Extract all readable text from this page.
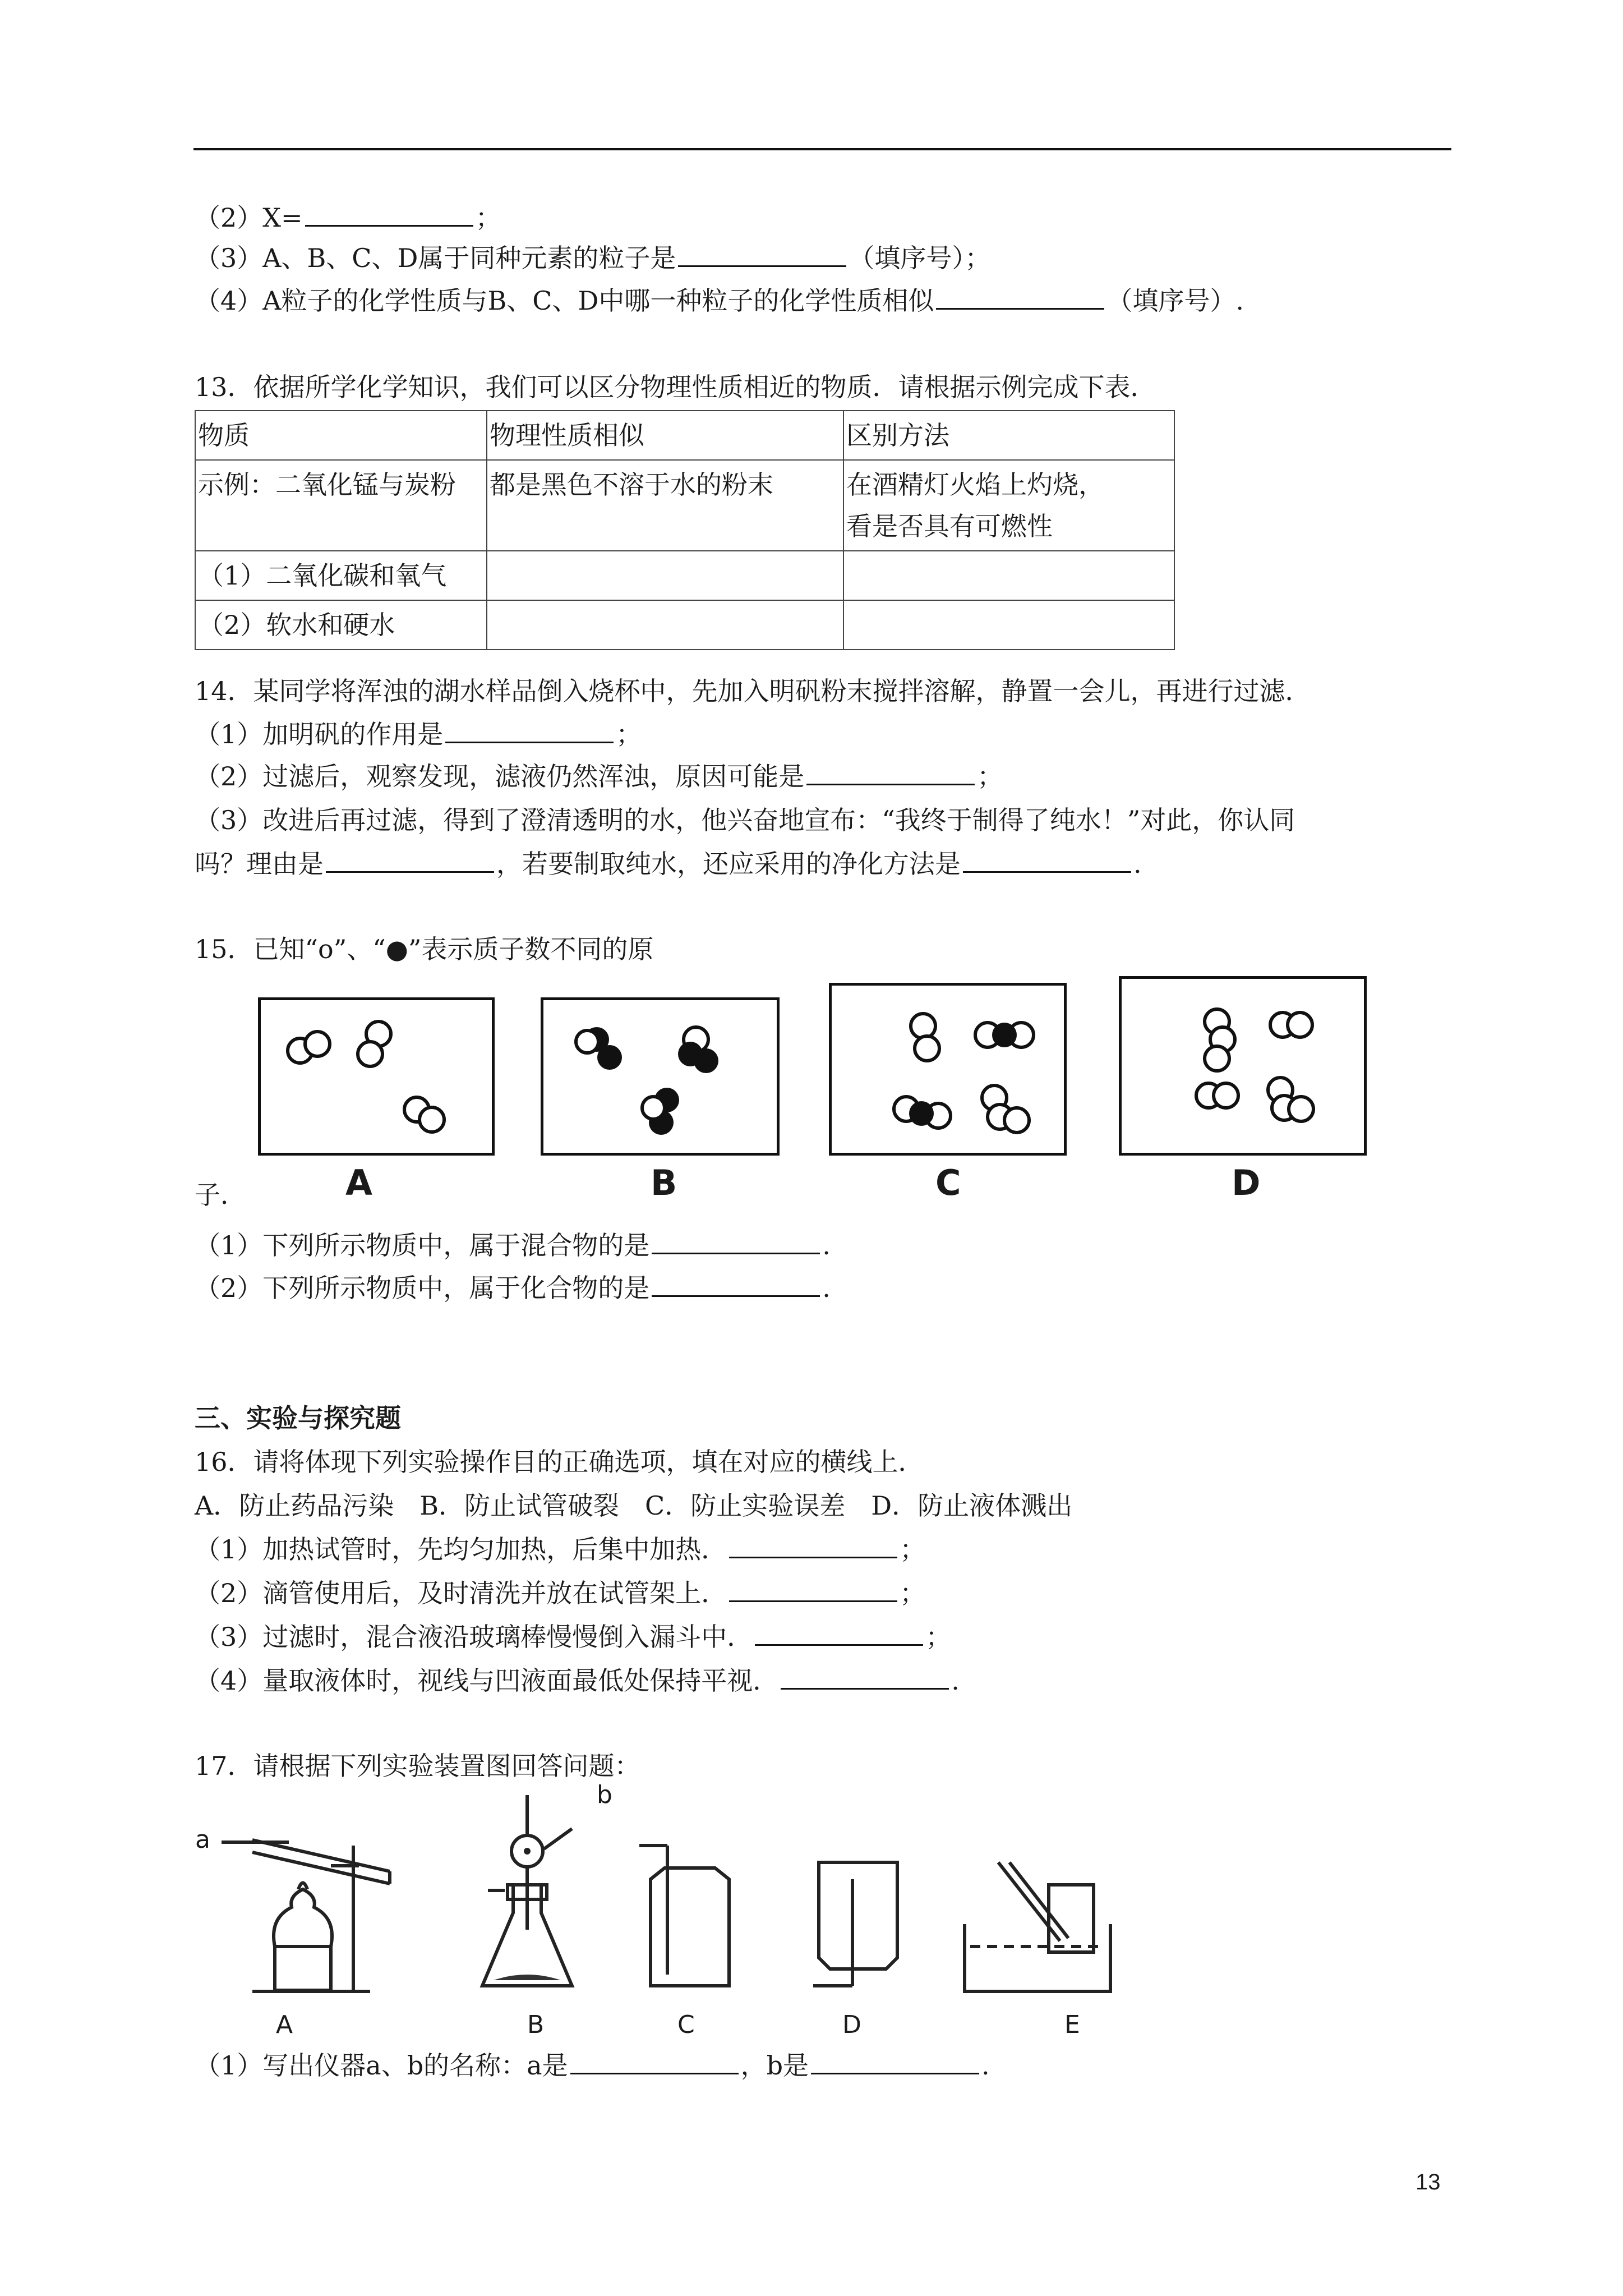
（2）X=	；
（3）A、B、C、D属于同种元素的粒子是	（填序号）；
（4）A粒子的化学性质与B、C、D中哪一种粒子的化学性质相似	（填序号）.
13．依据所学化学知识，我们可以区分物理性质相近的物质．请根据示例完成下表．
物质	物理性质相似	区别方法
示例：二氧化锰与炭粉	都是黑色不溶于水的粉末	在酒精灯火焰上灼烧，
看是否具有可燃性

（1）二氧化碳和氧气		
（2）软水和硬水		
14．某同学将浑浊的湖水样品倒入烧杯中，先加入明矾粉末搅拌溶解，静置一会儿，再进行过滤．
（1）加明矾的作用是	；
（2）过滤后，观察发现，滤液仍然浑浊，原因可能是	；
（3）改进后再过滤，得到了澄清透明的水，他兴奋地宣布：“我终于制得了纯水！”对此，你认同
吗？理由是	，若要制取纯水，还应采用的净化方法是	.
15．已知“o”、“●”表示质子数不同的原
子．	A	B	C	D
（1）下列所示物质中，属于混合物的是	.
（2）下列所示物质中，属于化合物的是	.
三、实验与探究题
16．请将体现下列实验操作目的正确选项，填在对应的横线上．
A．防止药品污染　B．防止试管破裂　C．防止实验误差　D．防止液体溅出
（1）加热试管时，先均匀加热，后集中加热．	；
（2）滴管使用后，及时清洗并放在试管架上．	；
（3）过滤时，混合液沿玻璃棒慢慢倒入漏斗中．	；
（4）量取液体时，视线与凹液面最低处保持平视．	.
17．请根据下列实验装置图回答问题：
a
b
A	B	C	D	E
（1）写出仪器a、b的名称：a是	，b是	.
13
